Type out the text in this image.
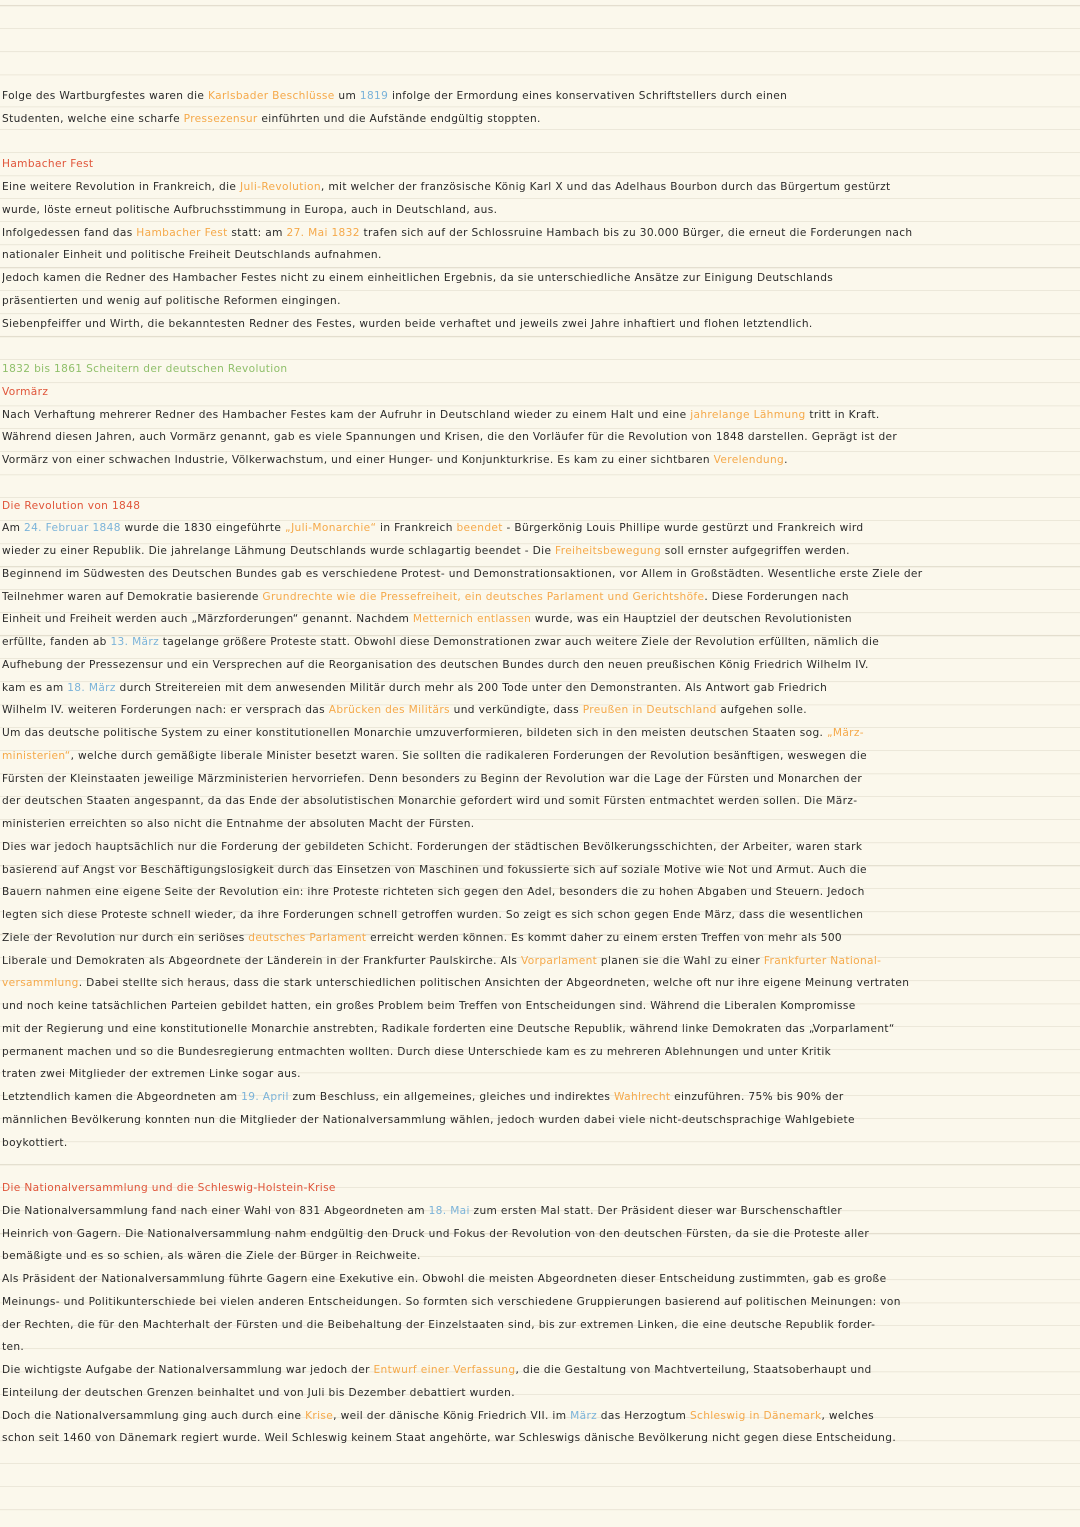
Folge des Wartburgfestes waren die Karlsbader Beschlüsse um 1819 infolge der Ermordung eines konservativen Schriftstellers durch einen
Studenten, welche eine scharfe Pressezensur einführten und die Aufstände endgültig stoppten.
Hambacher Fest
Eine weitere Revolution in Frankreich, die Juli-Revolution, mit welcher der französische König Karl X und das Adelhaus Bourbon durch das Bürgertum gestürzt
wurde, löste erneut politische Aufbruchsstimmung in Europa, auch in Deutschland, aus.
Infolgedessen fand das Hambacher Fest statt: am 27. Mai 1832 trafen sich auf der Schlossruine Hambach bis zu 30.000 Bürger, die erneut die Forderungen nach
nationaler Einheit und politische Freiheit Deutschlands aufnahmen.
Jedoch kamen die Redner des Hambacher Festes nicht zu einem einheitlichen Ergebnis, da sie unterschiedliche Ansätze zur Einigung Deutschlands
präsentierten und wenig auf politische Reformen eingingen.
Siebenpfeiffer und Wirth, die bekanntesten Redner des Festes, wurden beide verhaftet und jeweils zwei Jahre inhaftiert und flohen letztendlich.
1832 bis 1861 Scheitern der deutschen Revolution
Vormärz
Nach Verhaftung mehrerer Redner des Hambacher Festes kam der Aufruhr in Deutschland wieder zu einem Halt und eine jahrelange Lähmung tritt in Kraft.
Während diesen Jahren, auch Vormärz genannt, gab es viele Spannungen und Krisen, die den Vorläufer für die Revolution von 1848 darstellen. Geprägt ist der
Vormärz von einer schwachen Industrie, Völkerwachstum, und einer Hunger- und Konjunkturkrise. Es kam zu einer sichtbaren Verelendung.
Die Revolution von 1848
Am 24. Februar 1848 wurde die 1830 eingeführte „Juli-Monarchie“ in Frankreich beendet - Bürgerkönig Louis Phillipe wurde gestürzt und Frankreich wird
wieder zu einer Republik. Die jahrelange Lähmung Deutschlands wurde schlagartig beendet - Die Freiheitsbewegung soll ernster aufgegriffen werden.
Beginnend im Südwesten des Deutschen Bundes gab es verschiedene Protest- und Demonstrationsaktionen, vor Allem in Großstädten. Wesentliche erste Ziele der
Teilnehmer waren auf Demokratie basierende Grundrechte wie die Pressefreiheit, ein deutsches Parlament und Gerichtshöfe. Diese Forderungen nach
Einheit und Freiheit werden auch „Märzforderungen“ genannt. Nachdem Metternich entlassen wurde, was ein Hauptziel der deutschen Revolutionisten
erfüllte, fanden ab 13. März tagelange größere Proteste statt. Obwohl diese Demonstrationen zwar auch weitere Ziele der Revolution erfüllten, nämlich die
Aufhebung der Pressezensur und ein Versprechen auf die Reorganisation des deutschen Bundes durch den neuen preußischen König Friedrich Wilhelm IV.
kam es am 18. März durch Streitereien mit dem anwesenden Militär durch mehr als 200 Tode unter den Demonstranten. Als Antwort gab Friedrich
Wilhelm IV. weiteren Forderungen nach: er versprach das Abrücken des Militärs und verkündigte, dass Preußen in Deutschland aufgehen solle.
Um das deutsche politische System zu einer konstitutionellen Monarchie umzuverformieren, bildeten sich in den meisten deutschen Staaten sog. „März-
ministerien“, welche durch gemäßigte liberale Minister besetzt waren. Sie sollten die radikaleren Forderungen der Revolution besänftigen, weswegen die
Fürsten der Kleinstaaten jeweilige Märzministerien hervorriefen. Denn besonders zu Beginn der Revolution war die Lage der Fürsten und Monarchen der
der deutschen Staaten angespannt, da das Ende der absolutistischen Monarchie gefordert wird und somit Fürsten entmachtet werden sollen. Die März-
ministerien erreichten so also nicht die Entnahme der absoluten Macht der Fürsten.
Dies war jedoch hauptsächlich nur die Forderung der gebildeten Schicht. Forderungen der städtischen Bevölkerungsschichten, der Arbeiter, waren stark
basierend auf Angst vor Beschäftigungslosigkeit durch das Einsetzen von Maschinen und fokussierte sich auf soziale Motive wie Not und Armut. Auch die
Bauern nahmen eine eigene Seite der Revolution ein: ihre Proteste richteten sich gegen den Adel, besonders die zu hohen Abgaben und Steuern. Jedoch
legten sich diese Proteste schnell wieder, da ihre Forderungen schnell getroffen wurden. So zeigt es sich schon gegen Ende März, dass die wesentlichen
Ziele der Revolution nur durch ein seriöses deutsches Parlament erreicht werden können. Es kommt daher zu einem ersten Treffen von mehr als 500
Liberale und Demokraten als Abgeordnete der Länderein in der Frankfurter Paulskirche. Als Vorparlament planen sie die Wahl zu einer Frankfurter National-
versammlung. Dabei stellte sich heraus, dass die stark unterschiedlichen politischen Ansichten der Abgeordneten, welche oft nur ihre eigene Meinung vertraten
und noch keine tatsächlichen Parteien gebildet hatten, ein großes Problem beim Treffen von Entscheidungen sind. Während die Liberalen Kompromisse
mit der Regierung und eine konstitutionelle Monarchie anstrebten, Radikale forderten eine Deutsche Republik, während linke Demokraten das „Vorparlament“
permanent machen und so die Bundesregierung entmachten wollten. Durch diese Unterschiede kam es zu mehreren Ablehnungen und unter Kritik
traten zwei Mitglieder der extremen Linke sogar aus.
Letztendlich kamen die Abgeordneten am 19. April zum Beschluss, ein allgemeines, gleiches und indirektes Wahlrecht einzuführen. 75% bis 90% der
männlichen Bevölkerung konnten nun die Mitglieder der Nationalversammlung wählen, jedoch wurden dabei viele nicht-deutschsprachige Wahlgebiete
boykottiert.
Die Nationalversammlung und die Schleswig-Holstein-Krise
Die Nationalversammlung fand nach einer Wahl von 831 Abgeordneten am 18. Mai zum ersten Mal statt. Der Präsident dieser war Burschenschaftler
Heinrich von Gagern. Die Nationalversammlung nahm endgültig den Druck und Fokus der Revolution von den deutschen Fürsten, da sie die Proteste aller
bemäßigte und es so schien, als wären die Ziele der Bürger in Reichweite.
Als Präsident der Nationalversammlung führte Gagern eine Exekutive ein. Obwohl die meisten Abgeordneten dieser Entscheidung zustimmten, gab es große
Meinungs- und Politikunterschiede bei vielen anderen Entscheidungen. So formten sich verschiedene Gruppierungen basierend auf politischen Meinungen: von
der Rechten, die für den Machterhalt der Fürsten und die Beibehaltung der Einzelstaaten sind, bis zur extremen Linken, die eine deutsche Republik forder-
ten.
Die wichtigste Aufgabe der Nationalversammlung war jedoch der Entwurf einer Verfassung, die die Gestaltung von Machtverteilung, Staatsoberhaupt und
Einteilung der deutschen Grenzen beinhaltet und von Juli bis Dezember debattiert wurden.
Doch die Nationalversammlung ging auch durch eine Krise, weil der dänische König Friedrich VII. im März das Herzogtum Schleswig in Dänemark, welches
schon seit 1460 von Dänemark regiert wurde. Weil Schleswig keinem Staat angehörte, war Schleswigs dänische Bevölkerung nicht gegen diese Entscheidung.
